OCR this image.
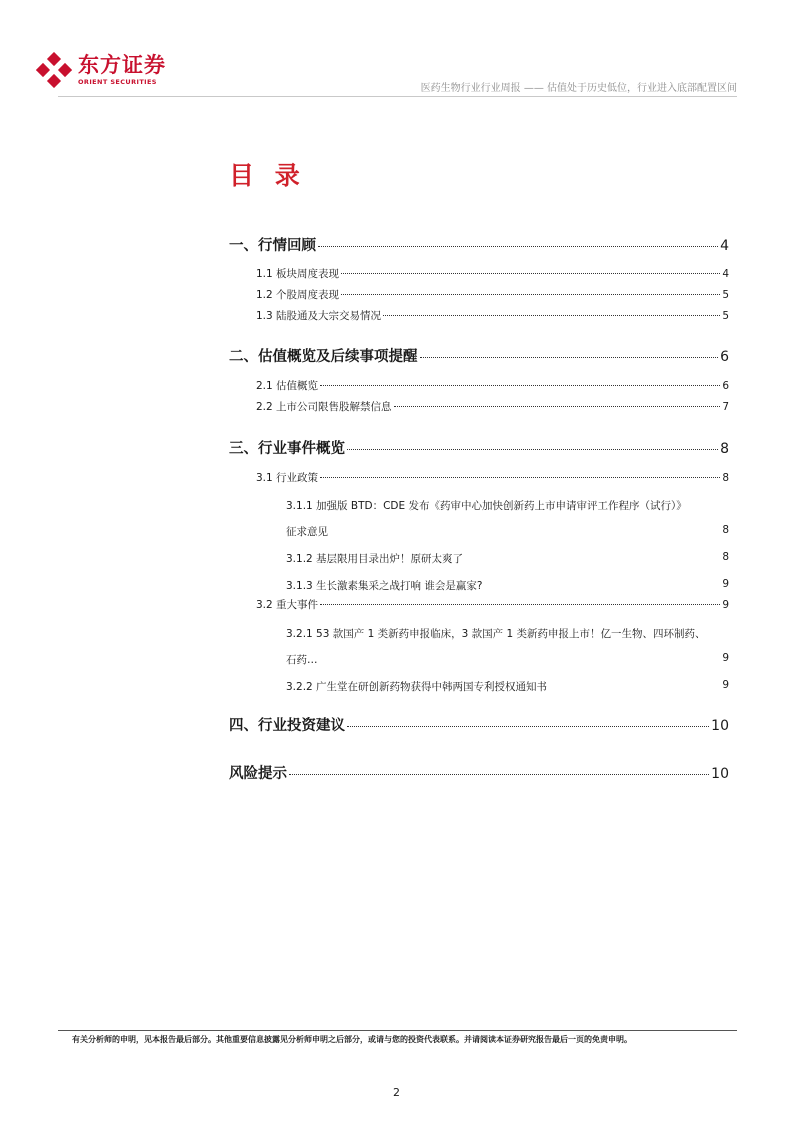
东方证券
ORIENT SECURITIES
医药生物行业行业周报 —— 估值处于历史低位，行业进入底部配置区间
目 录
一、行情回顾	4
1.1 板块周度表现	4
1.2 个股周度表现	5
1.3 陆股通及大宗交易情况	5
二、估值概览及后续事项提醒	6
2.1 估值概览	6
2.2 上市公司限售股解禁信息	7
三、行业事件概览	8
3.1 行业政策	8
3.1.1 加强版 BTD：CDE 发布《药审中心加快创新药上市申请审评工作程序（试行）》
征求意见	8
3.1.2 基层限用目录出炉！原研太爽了	8
3.1.3 生长激素集采之战打响 谁会是赢家?	9
3.2 重大事件	9
3.2.1 53 款国产 1 类新药申报临床，3 款国产 1 类新药申报上市！亿一生物、四环制药、
石药…	9
3.2.2 广生堂在研创新药物获得中韩两国专利授权通知书	9
四、行业投资建议	10
风险提示	10
有关分析师的申明，见本报告最后部分。其他重要信息披露见分析师申明之后部分，或请与您的投资代表联系。并请阅读本证券研究报告最后一页的免责申明。
2
